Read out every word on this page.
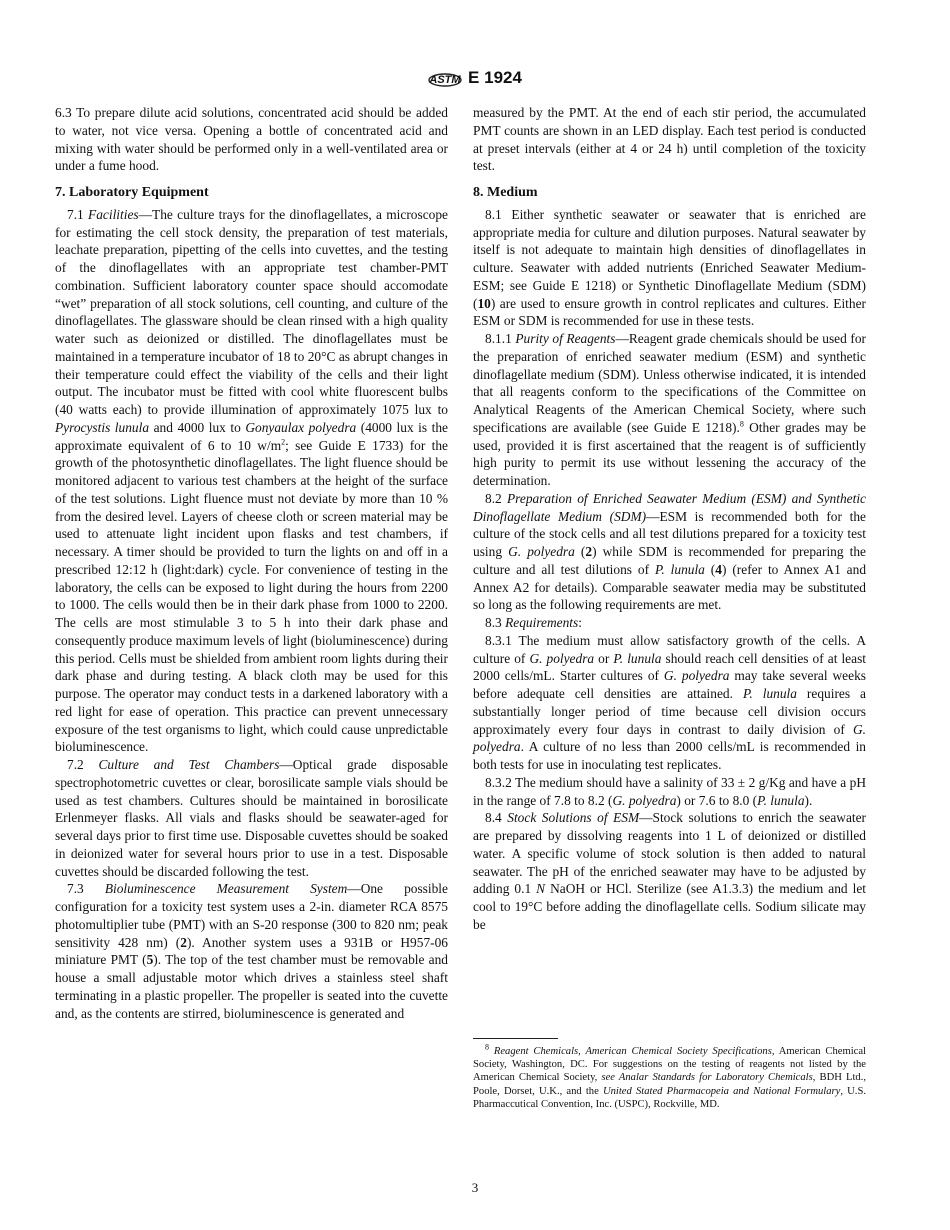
ASTM E 1924
6.3 To prepare dilute acid solutions, concentrated acid should be added to water, not vice versa. Opening a bottle of concentrated acid and mixing with water should be performed only in a well-ventilated area or under a fume hood.
7. Laboratory Equipment
7.1 Facilities—The culture trays for the dinoflagellates, a microscope for estimating the cell stock density, the preparation of test materials, leachate preparation, pipetting of the cells into cuvettes, and the testing of the dinoflagellates with an appropriate test chamber-PMT combination. Sufficient laboratory counter space should accomodate “wet” preparation of all stock solutions, cell counting, and culture of the dinoflagellates. The glassware should be clean rinsed with a high quality water such as deionized or distilled. The dinoflagellates must be maintained in a temperature incubator of 18 to 20°C as abrupt changes in their temperature could effect the viability of the cells and their light output. The incubator must be fitted with cool white fluorescent bulbs (40 watts each) to provide illumination of approximately 1075 lux to Pyrocystis lunula and 4000 lux to Gonyaulax polyedra (4000 lux is the approximate equivalent of 6 to 10 $w/m^2$; see Guide E 1733) for the growth of the photosynthetic dinoflagellates. The light fluence should be monitored adjacent to various test chambers at the height of the surface of the test solutions. Light fluence must not deviate by more than 10 % from the desired level. Layers of cheese cloth or screen material may be used to attenuate light incident upon flasks and test chambers, if necessary. A timer should be provided to turn the lights on and off in a prescribed 12:12 h (light:dark) cycle. For convenience of testing in the laboratory, the cells can be exposed to light during the hours from 2200 to 1000. The cells would then be in their dark phase from 1000 to 2200. The cells are most stimulable 3 to 5 h into their dark phase and consequently produce maximum levels of light (bioluminescence) during this period. Cells must be shielded from ambient room lights during their dark phase and during testing. A black cloth may be used for this purpose. The operator may conduct tests in a darkened laboratory with a red light for ease of operation. This practice can prevent unnecessary exposure of the test organisms to light, which could cause unpredictable bioluminescence.
7.2 Culture and Test Chambers—Optical grade disposable spectrophotometric cuvettes or clear, borosilicate sample vials should be used as test chambers. Cultures should be maintained in borosilicate Erlenmeyer flasks. All vials and flasks should be seawater-aged for several days prior to first time use. Disposable cuvettes should be soaked in deionized water for several hours prior to use in a test. Disposable cuvettes should be discarded following the test.
7.3 Bioluminescence Measurement System—One possible configuration for a toxicity test system uses a 2-in. diameter RCA 8575 photomultiplier tube (PMT) with an S-20 response (300 to 820 nm; peak sensitivity 428 nm) (2). Another system uses a 931B or H957-06 miniature PMT (5). The top of the test chamber must be removable and house a small adjustable motor which drives a stainless steel shaft terminating in a plastic propeller. The propeller is seated into the cuvette and, as the contents are stirred, bioluminescence is generated and
measured by the PMT. At the end of each stir period, the accumulated PMT counts are shown in an LED display. Each test period is conducted at preset intervals (either at 4 or 24 h) until completion of the toxicity test.
8. Medium
8.1 Either synthetic seawater or seawater that is enriched are appropriate media for culture and dilution purposes. Natural seawater by itself is not adequate to maintain high densities of dinoflagellates in culture. Seawater with added nutrients (Enriched Seawater Medium-ESM; see Guide E 1218) or Synthetic Dinoflagellate Medium (SDM) (10) are used to ensure growth in control replicates and cultures. Either ESM or SDM is recommended for use in these tests.
8.1.1 Purity of Reagents—Reagent grade chemicals should be used for the preparation of enriched seawater medium (ESM) and synthetic dinoflagellate medium (SDM). Unless otherwise indicated, it is intended that all reagents conform to the specifications of the Committee on Analytical Reagents of the American Chemical Society, where such specifications are available (see Guide E 1218).$^8$ Other grades may be used, provided it is first ascertained that the reagent is of sufficiently high purity to permit its use without lessening the accuracy of the determination.
8.2 Preparation of Enriched Seawater Medium (ESM) and Synthetic Dinoflagellate Medium (SDM)—ESM is recommended both for the culture of the stock cells and all test dilutions prepared for a toxicity test using G. polyedra (2) while SDM is recommended for preparing the culture and all test dilutions of P. lunula (4) (refer to Annex A1 and Annex A2 for details). Comparable seawater media may be substituted so long as the following requirements are met.
8.3 Requirements:
8.3.1 The medium must allow satisfactory growth of the cells. A culture of G. polyedra or P. lunula should reach cell densities of at least 2000 cells/mL. Starter cultures of G. polyedra may take several weeks before adequate cell densities are attained. P. lunula requires a substantially longer period of time because cell division occurs approximately every four days in contrast to daily division of G. polyedra. A culture of no less than 2000 cells/mL is recommended in both tests for use in inoculating test replicates.
8.3.2 The medium should have a salinity of 33 ± 2 g/Kg and have a pH in the range of 7.8 to 8.2 (G. polyedra) or 7.6 to 8.0 (P. lunula).
8.4 Stock Solutions of ESM—Stock solutions to enrich the seawater are prepared by dissolving reagents into 1 L of deionized or distilled water. A specific volume of stock solution is then added to natural seawater. The pH of the enriched seawater may have to be adjusted by adding 0.1 N NaOH or HCl. Sterilize (see A1.3.3) the medium and let cool to 19°C before adding the dinoflagellate cells. Sodium silicate may be
$^8$ Reagent Chemicals, American Chemical Society Specifications, American Chemical Society, Washington, DC. For suggestions on the testing of reagents not listed by the American Chemical Society, see Analar Standards for Laboratory Chemicals, BDH Ltd., Poole, Dorset, U.K., and the United Stated Pharmacopeia and National Formulary, U.S. Pharmaccutical Convention, Inc. (USPC), Rockville, MD.
3
